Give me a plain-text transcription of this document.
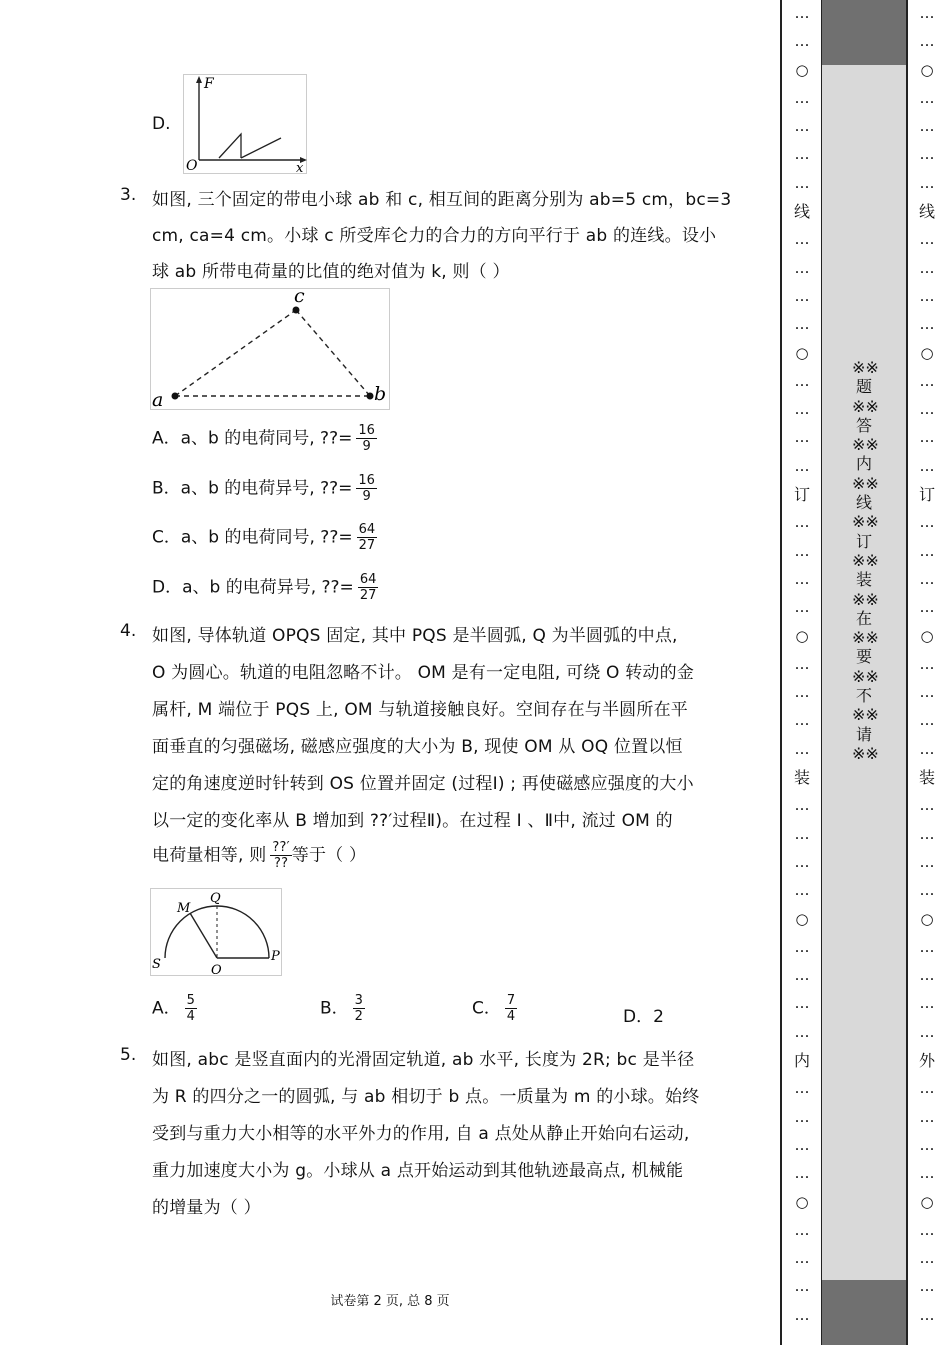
D.
F
O	x
3. 如图, 三个固定的带电小球 ab 和 c, 相互间的距离分别为 ab=5 cm，bc=3
cm, ca=4 cm。小球 c 所受库仑力的合力的方向平行于 ab 的连线。设小
球 ab 所带电荷量的比值的绝对值为 k, 则（ ）
a	b
c
A．a、b 的电荷同号, ??= $\frac{16}{9}$
B．a、b 的电荷异号, ??= $\frac{16}{9}$
C．a、b 的电荷同号, ??= $\frac{64}{27}$
D．a、b 的电荷异号, ??= $\frac{64}{27}$
4. 如图, 导体轨道 OPQS 固定, 其中 PQS 是半圆弧, Q 为半圆弧的中点,
O 为圆心。轨道的电阻忽略不计。 OM 是有一定电阻, 可绕 O 转动的金
属杆, M 端位于 PQS 上, OM 与轨道接触良好。空间存在与半圆所在平
面垂直的匀强磁场, 磁感应强度的大小为 B, 现使 OM 从 OQ 位置以恒
定的角速度逆时针转到 OS 位置并固定 (过程Ⅰ) ; 再使磁感应强度的大小
以一定的变化率从 B 增加到 ??′过程Ⅱ)。在过程 Ⅰ 、Ⅱ中, 流过 OM 的
电荷量相等, 则 $\frac{??'}{??}$ 等于（ ）
M
Q
S	O
P
A． $\frac{5}{4}$	B． $\frac{3}{2}$	C． $\frac{7}{4}$	D．2
5. 如图, abc 是竖直面内的光滑固定轨道, ab 水平, 长度为 2R; bc 是半径
为 R 的四分之一的圆弧, 与 ab 相切于 b 点。一质量为 m 的小球。始终
受到与重力大小相等的水平外力的作用, 自 a 点处从静止开始向右运动,
重力加速度大小为 g。小球从 a 点开始运动到其他轨迹最高点, 机械能
的增量为（ ）
试卷第 2 页, 总 8 页
…
…
○
…
…
…
…
线
…
…
…
…
○
…
…
…
…
订
…
…
…
…
○
…
…
…
…
装
…
…
…
…
○
…
…
…
…
内
…
…
…
…
○
…
…
…
…
※※题※※答※※内※※线※※订※※装※※在※※要※※不※※请※※
…
…
○
…
…
…
…
线
…
…
…
…
○
…
…
…
…
订
…
…
…
…
○
…
…
…
…
装
…
…
…
…
○
…
…
…
…
外
…
…
…
…
○
…
…
…
…
